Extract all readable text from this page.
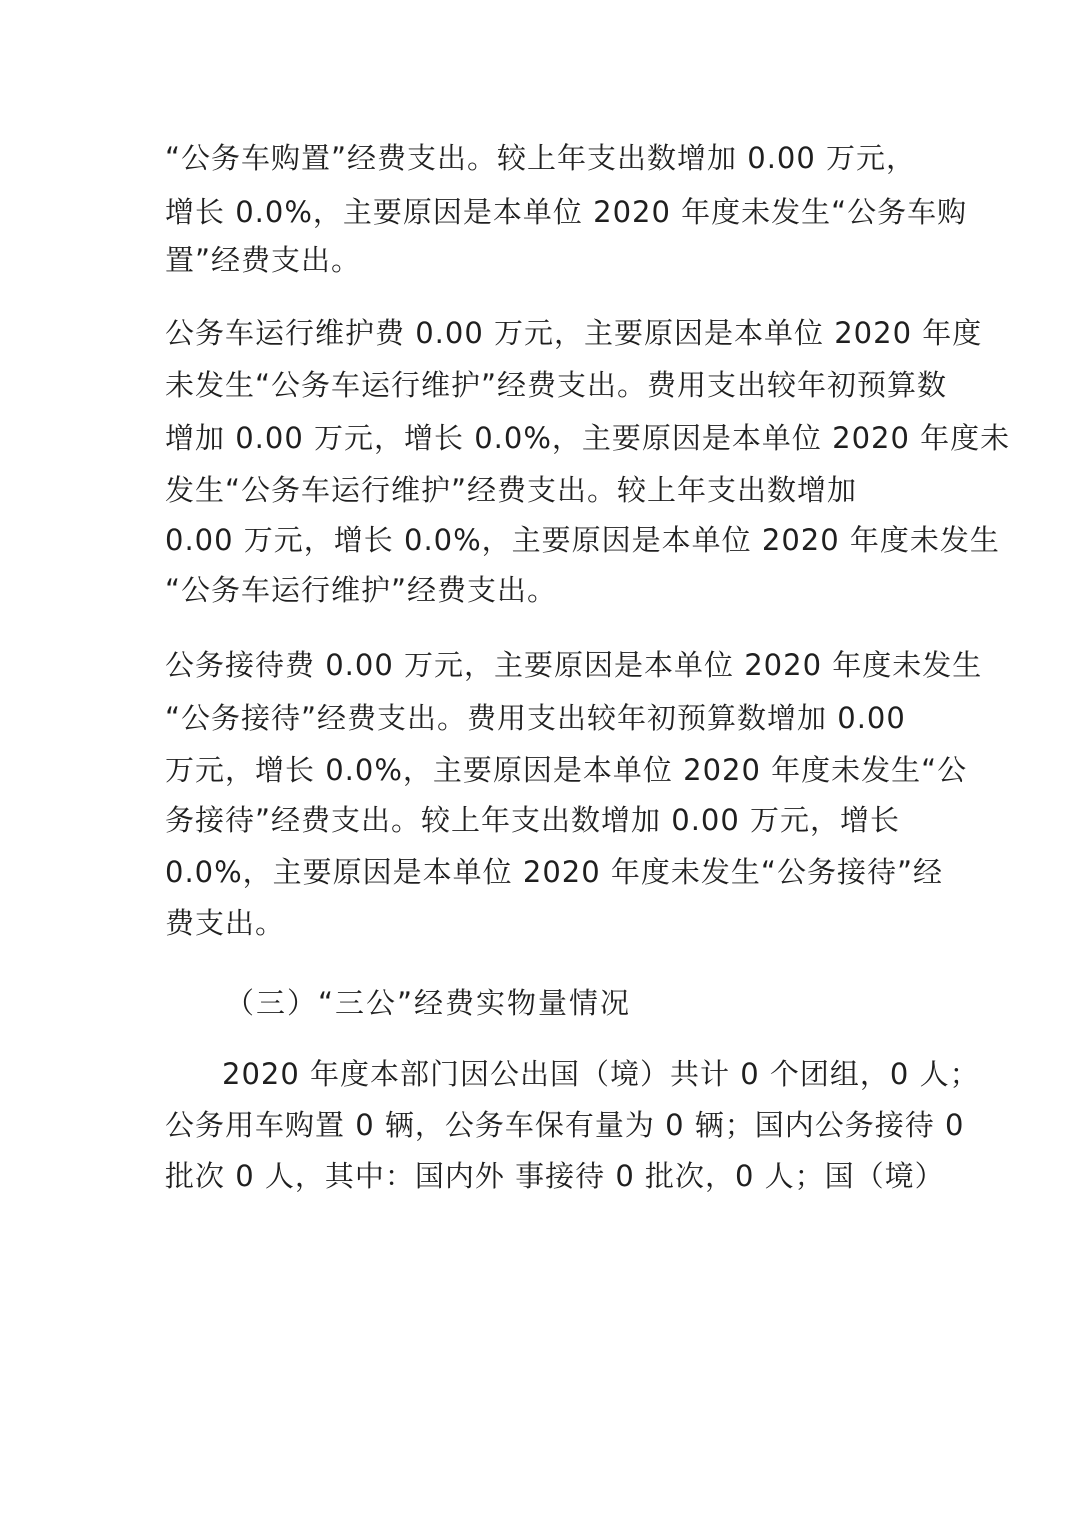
“公务车购置”经费支出。较上年支出数增加 0.00 万元，
增长 0.0%，主要原因是本单位 2020 年度未发生“公务车购
置”经费支出。
公务车运行维护费 0.00 万元，主要原因是本单位 2020 年度
未发生“公务车运行维护”经费支出。费用支出较年初预算数
增加 0.00 万元，增长 0.0%，主要原因是本单位 2020 年度未
发生“公务车运行维护”经费支出。较上年支出数增加
0.00 万元，增长 0.0%，主要原因是本单位 2020 年度未发生
“公务车运行维护”经费支出。
公务接待费 0.00 万元，主要原因是本单位 2020 年度未发生
“公务接待”经费支出。费用支出较年初预算数增加 0.00
万元，增长 0.0%，主要原因是本单位 2020 年度未发生“公
务接待”经费支出。较上年支出数增加 0.00 万元，增长
0.0%，主要原因是本单位 2020 年度未发生“公务接待”经
费支出。
（三）“三公”经费实物量情况
2020 年度本部门因公出国（境）共计 0 个团组，0 人；
公务用车购置 0 辆，公务车保有量为 0 辆；国内公务接待 0
批次 0 人，其中：国内外 事接待 0 批次，0 人；国（境）
